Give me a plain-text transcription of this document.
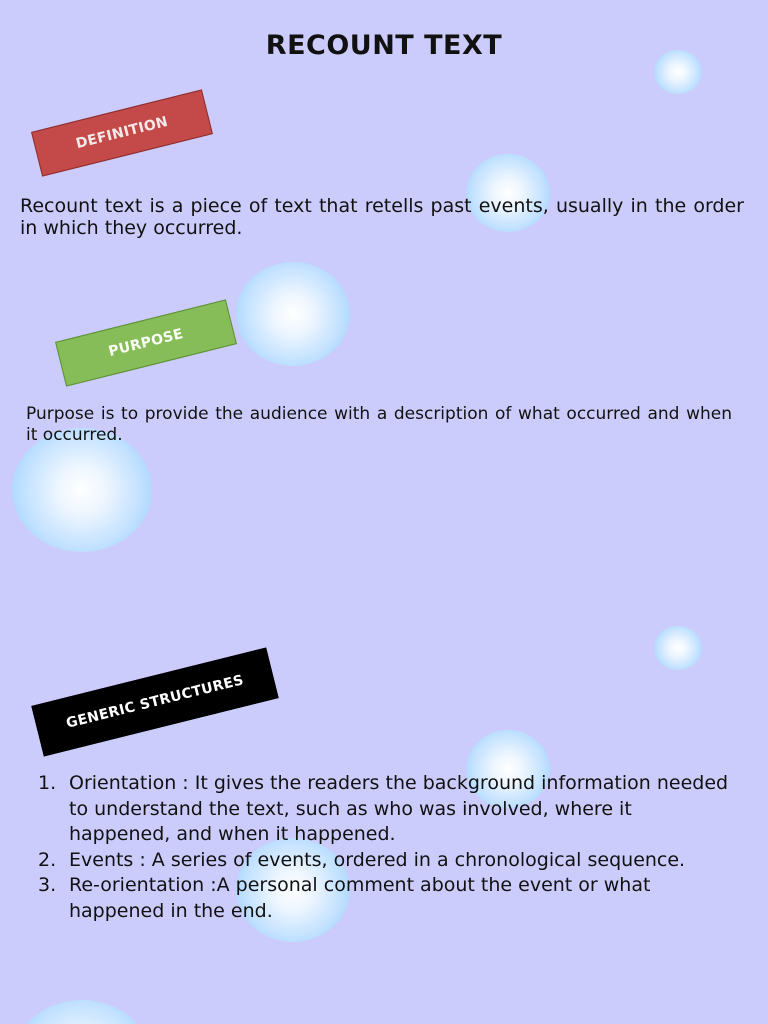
RECOUNT TEXT
DEFINITION

Recount text is a piece of text that retells past events, usually in the order in which they occurred.

PURPOSE

Purpose is to provide the audience with a description of what occurred and when it occurred.

GENERIC STRUCTURES
1. Orientation : It gives the readers the background information needed to understand the text, such as who was involved, where it happened, and when it happened.
2. Events : A series of events, ordered in a chronological sequence.
3. Re-orientation :A personal comment about the event or what happened in the end.
